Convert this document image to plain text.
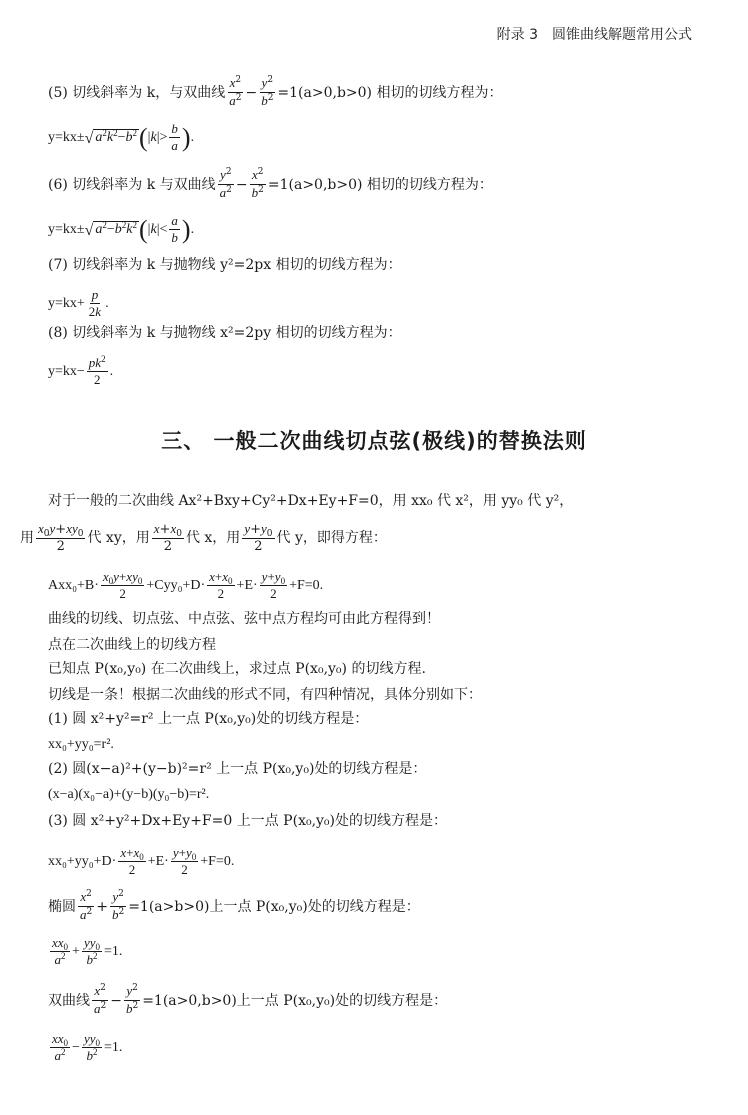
附录 3　圆锥曲线解题常用公式
(5) 切线斜率为 k，与双曲线 $\frac{x^2}{a^2} - \frac{y^2}{b^2} =1(a>0,b>0)$ 相切的切线方程为：
y=kx± √ $a^2k^2-b^2$ ( | k |> $\frac{b}{a}$ ) .
(6) 切线斜率为 k 与双曲线 $\frac{y^2}{a^2} - \frac{x^2}{b^2} =1(a>0,b>0)$ 相切的切线方程为：
y=kx± √ $a^2-b^2k^2$ ( | k |< $\frac{a}{b}$ ) .
(7) 切线斜率为 k 与抛物线 y²=2px 相切的切线方程为：
$y=kx+ \frac{p}{2k}$ .
(8) 切线斜率为 k 与抛物线 x²=2py 相切的切线方程为：
$y=kx- \frac{pk^2}{2}$ .
三、 一般二次曲线切点弦(极线)的替换法则
对于一般的二次曲线 Ax²+Bxy+Cy²+Dx+Ey+F=0，用 xx₀ 代 x²，用 yy₀ 代 y²，
用 $\frac{x_0y+xy_0}{2}$ 代 xy，用 $\frac{x+x_0}{2}$ 代 x，用 $\frac{y+y_0}{2}$ 代 y，即得方程：
$Axx_0+B\cdot \frac{x_0y+xy_0}{2} +Cyy_0+D\cdot \frac{x+x_0}{2} +E\cdot \frac{y+y_0}{2} +F=0$.
曲线的切线、切点弦、中点弦、弦中点方程均可由此方程得到！
点在二次曲线上的切线方程
已知点 P(x₀,y₀) 在二次曲线上，求过点 P(x₀,y₀) 的切线方程.
切线是一条！根据二次曲线的形式不同，有四种情况，具体分别如下：
(1) 圆 x²+y²=r² 上一点 P(x₀,y₀)处的切线方程是：
xx₀+yy₀=r².
(2) 圆(x−a)²+(y−b)²=r² 上一点 P(x₀,y₀)处的切线方程是：
(x−a)(x₀−a)+(y−b)(y₀−b)=r².
(3) 圆 x²+y²+Dx+Ey+F=0 上一点 P(x₀,y₀)处的切线方程是：
$xx_0+yy_0+D\cdot \frac{x+x_0}{2} +E\cdot \frac{y+y_0}{2} +F=0$.
椭圆 $\frac{x^2}{a^2} + \frac{y^2}{b^2} =1(a>b>0)$上一点 P(x₀,y₀)处的切线方程是：
$\frac{xx_0}{a^2} + \frac{yy_0}{b^2} =1$.
双曲线 $\frac{x^2}{a^2} - \frac{y^2}{b^2} =1(a>0,b>0)$上一点 P(x₀,y₀)处的切线方程是：
$\frac{xx_0}{a^2} - \frac{yy_0}{b^2} =1$.
